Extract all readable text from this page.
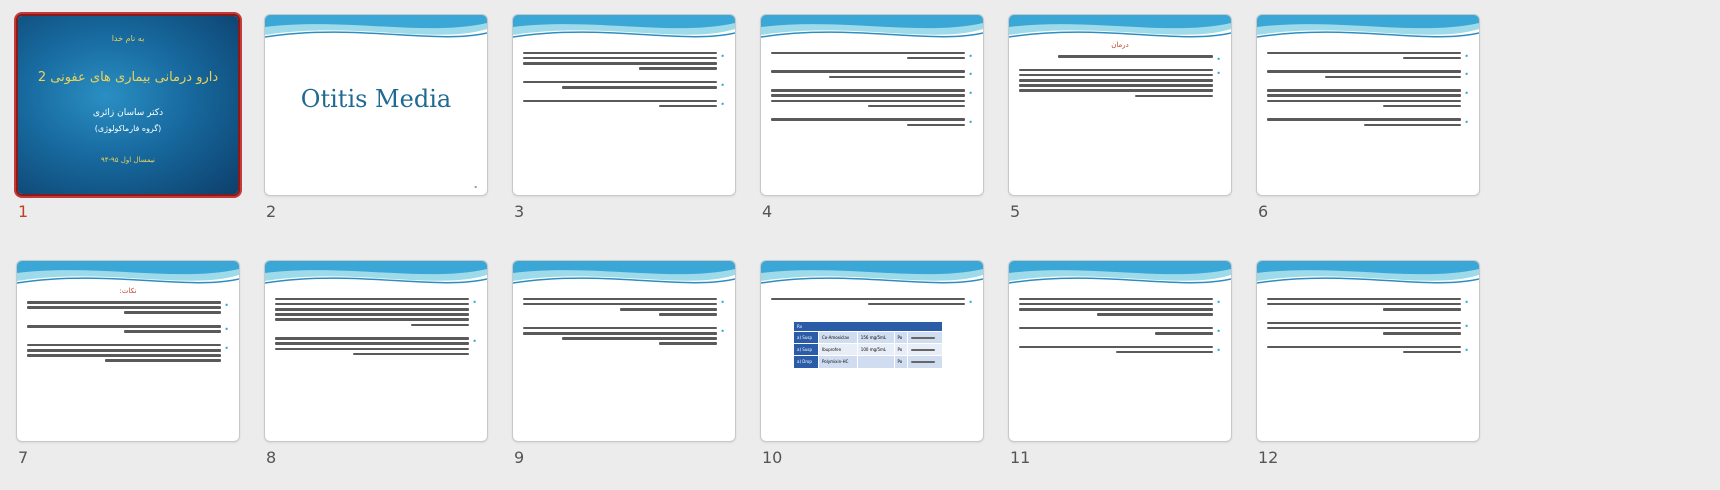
به نام خدا
دارو درمانی بیماری های عفونی 2
دکتر ساسان زائری
(گروه فارماکولوژی)
نیمسال اول ۹۵-۹۴
1
Otitis Media
▪
2
•
•
•	3
•
•
•
•	4
درمان
•
•
5
•
•
•
•	6
نکات:
•
•
•
7
•
•	8
•
•	9
•
Rx				
a) Susp	Co-Amoxiclav	156 mg/5mL	Po	

a) Susp	Ibuprofen	100 mg/5mL	Po	

a) Drop	Polymixin-HC		Po	
10
•
•
•	11
•
•
•	12
